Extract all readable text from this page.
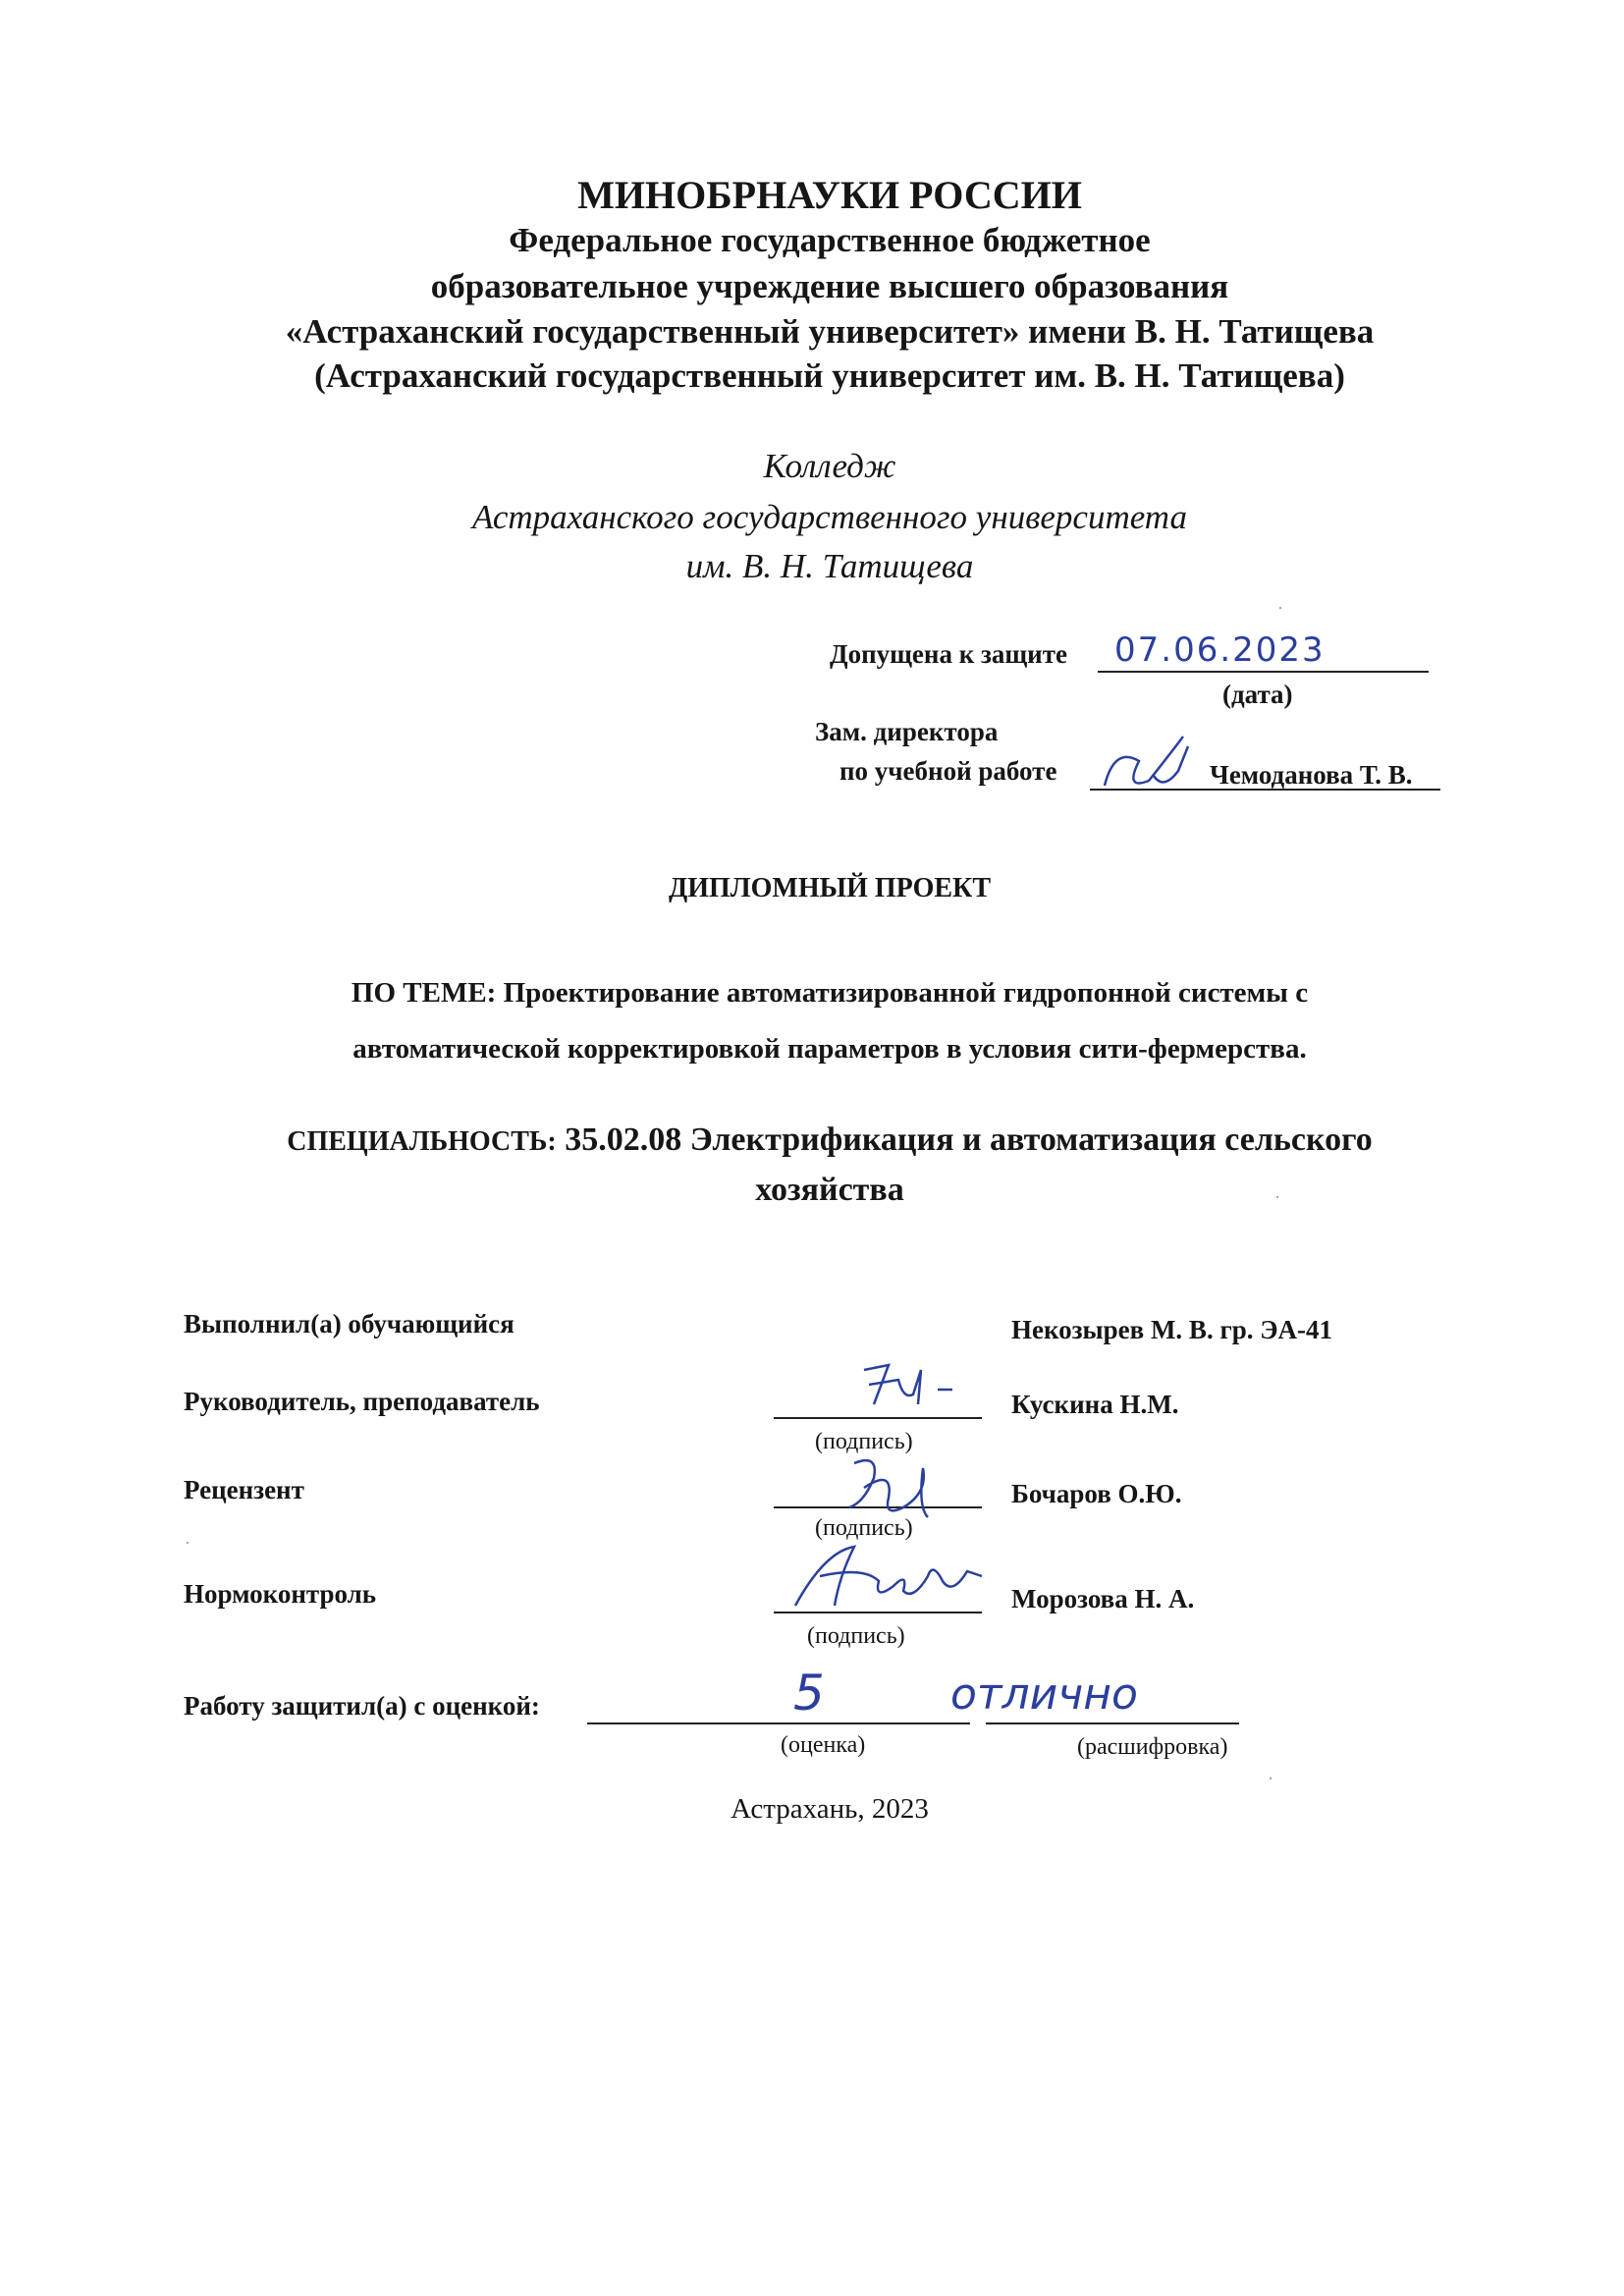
МИНОБРНАУКИ РОССИИ
Федеральное государственное бюджетное
образовательное учреждение высшего образования
«Астраханский государственный университет» имени В. Н. Татищева
(Астраханский государственный университет им. В. Н. Татищева)
Колледж
Астраханского государственного университета
им. В. Н. Татищева
Допущена к защите 07.06.2023
(дата)
Зам. директора
по учебной работе	Чемоданова Т. В.
ДИПЛОМНЫЙ ПРОЕКТ
ПО ТЕМЕ: Проектирование автоматизированной гидропонной системы с
автоматической корректировкой параметров в условия сити-фермерства.
СПЕЦИАЛЬНОСТЬ: 35.02.08 Электрификация и автоматизация сельского
хозяйства
Выполнил(а) обучающийся	Некозырев М. В. гр. ЭА-41
Руководитель, преподаватель	Кускина Н.М.
(подпись)
Рецензент	Бочаров О.Ю.
(подпись)
Нормоконтроль	Морозова Н. А.
(подпись)
Работу защитил(а) с оценкой:	5	отлично
(оценка)	(расшифровка)
Астрахань, 2023
